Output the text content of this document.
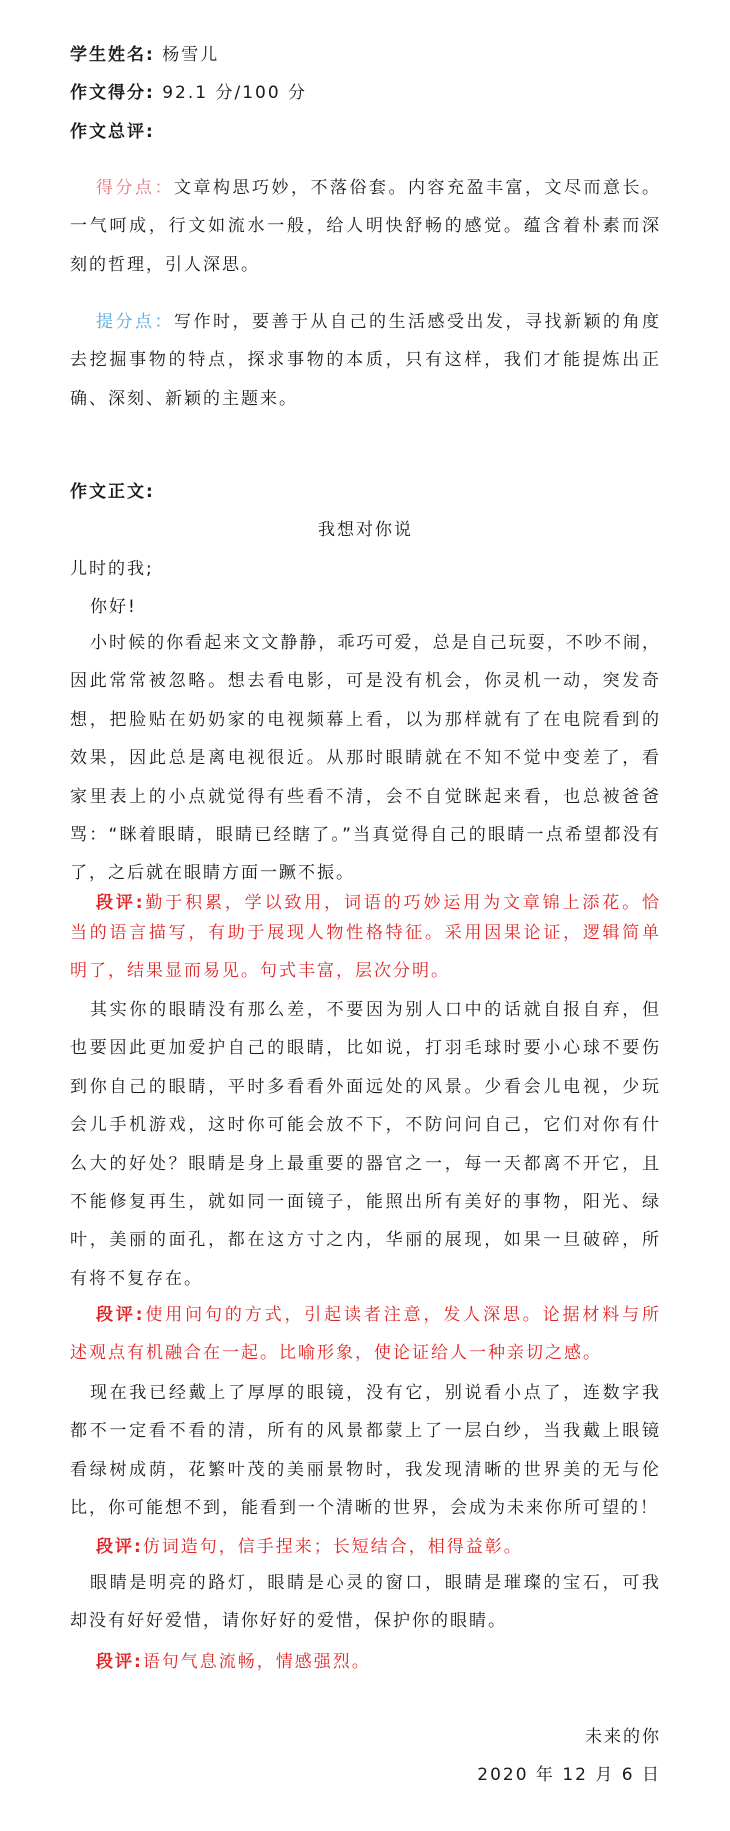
学生姓名: 杨雪儿
作文得分: 92.1 分/100 分
作文总评:
得分点：文章构思巧妙，不落俗套。内容充盈丰富，文尽而意长。
一气呵成，行文如流水一般，给人明快舒畅的感觉。蕴含着朴素而深
刻的哲理，引人深思。
提分点：写作时，要善于从自己的生活感受出发，寻找新颖的角度
去挖掘事物的特点，探求事物的本质，只有这样，我们才能提炼出正
确、深刻、新颖的主题来。
作文正文:
我想对你说
儿时的我;
你好!
小时候的你看起来文文静静，乖巧可爱，总是自己玩耍，不吵不闹，
因此常常被忽略。想去看电影，可是没有机会，你灵机一动，突发奇
想，把脸贴在奶奶家的电视频幕上看，以为那样就有了在电院看到的
效果，因此总是离电视很近。从那时眼睛就在不知不觉中变差了，看
家里表上的小点就觉得有些看不清，会不自觉眯起来看，也总被爸爸
骂：“眯着眼睛，眼睛已经瞎了。”当真觉得自己的眼睛一点希望都没有
了，之后就在眼睛方面一蹶不振。
段评:勤于积累，学以致用，词语的巧妙运用为文章锦上添花。恰
当的语言描写，有助于展现人物性格特征。采用因果论证，逻辑简单
明了，结果显而易见。句式丰富，层次分明。
其实你的眼睛没有那么差，不要因为别人口中的话就自报自弃，但
也要因此更加爱护自己的眼睛，比如说，打羽毛球时要小心球不要伤
到你自己的眼睛，平时多看看外面远处的风景。少看会儿电视，少玩
会儿手机游戏，这时你可能会放不下，不防问问自己，它们对你有什
么大的好处？眼睛是身上最重要的器官之一，每一天都离不开它，且
不能修复再生，就如同一面镜子，能照出所有美好的事物，阳光、绿
叶，美丽的面孔，都在这方寸之内，华丽的展现，如果一旦破碎，所
有将不复存在。
段评:使用问句的方式，引起读者注意，发人深思。论据材料与所
述观点有机融合在一起。比喻形象，使论证给人一种亲切之感。
现在我已经戴上了厚厚的眼镜，没有它，别说看小点了，连数字我
都不一定看不看的清，所有的风景都蒙上了一层白纱，当我戴上眼镜
看绿树成荫，花繁叶茂的美丽景物时，我发现清晰的世界美的无与伦
比，你可能想不到，能看到一个清晰的世界，会成为未来你所可望的！
段评:仿词造句，信手捏来；长短结合，相得益彰。
眼睛是明亮的路灯，眼睛是心灵的窗口，眼睛是璀璨的宝石，可我
却没有好好爱惜，请你好好的爱惜，保护你的眼睛。
段评:语句气息流畅，情感强烈。
未来的你
2020 年 12 月 6 日
